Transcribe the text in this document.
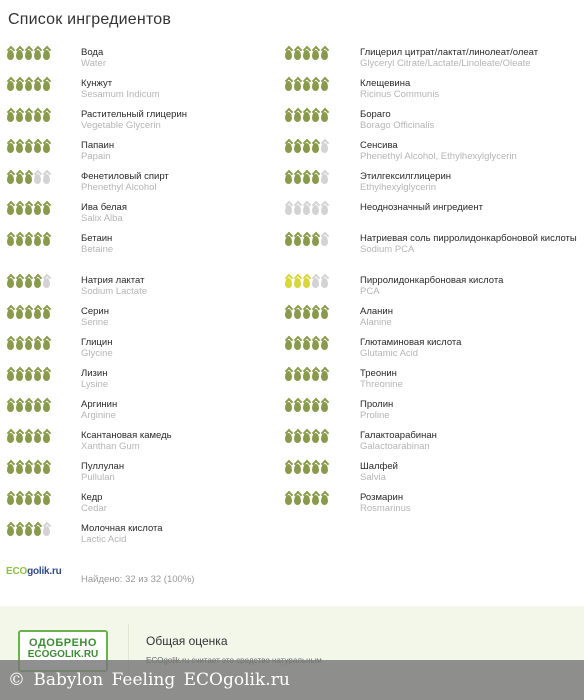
Список ингредиентов
Вода
Water
Глицерил цитрат/лактат/линолеат/олеат
Glyceryl Citrate/Lactate/Linoleate/Oleate
Кунжут
Sesamum Indicum
Клещевина
Ricinus Communis
Растительный глицерин
Vegetable Glycerin
Бораго
Borago Officinalis
Папаин
Papain
Сенсива
Phenethyl Alcohol, Ethylhexylglycerin
Фенетиловый спирт
Phenethyl Alcohol
Этилгексилглицерин
Ethylhexylglycerin
Ива белая
Salix Alba
Неоднозначный ингредиент
Бетаин
Betaine
Натриевая соль пирролидонкарбоновой кислоты
Sodium PCA
Натрия лактат
Sodium Lactate
Пирролидонкарбоновая кислота
PCA
Серин
Serine
Аланин
Alanine
Глицин
Glycine
Глютаминовая кислота
Glutamic Acid
Лизин
Lysine
Треонин
Threonine
Аргинин
Arginine
Пролин
Proline
Ксантановая камедь
Xanthan Gum
Галактоарабинан
Galactoarabinan
Пуллулан
Pullulan
Шалфей
Salvia
Кедр
Cedar
Розмарин
Rosmarinus
Молочная кислота
Lactic Acid
ECOgolik.ru
Найдено: 32 из 32 (100%)
ОДОБРЕНО
ECOGOLIK.RU
Общая оценка
© Babylon Feeling ECOgolik.ru
